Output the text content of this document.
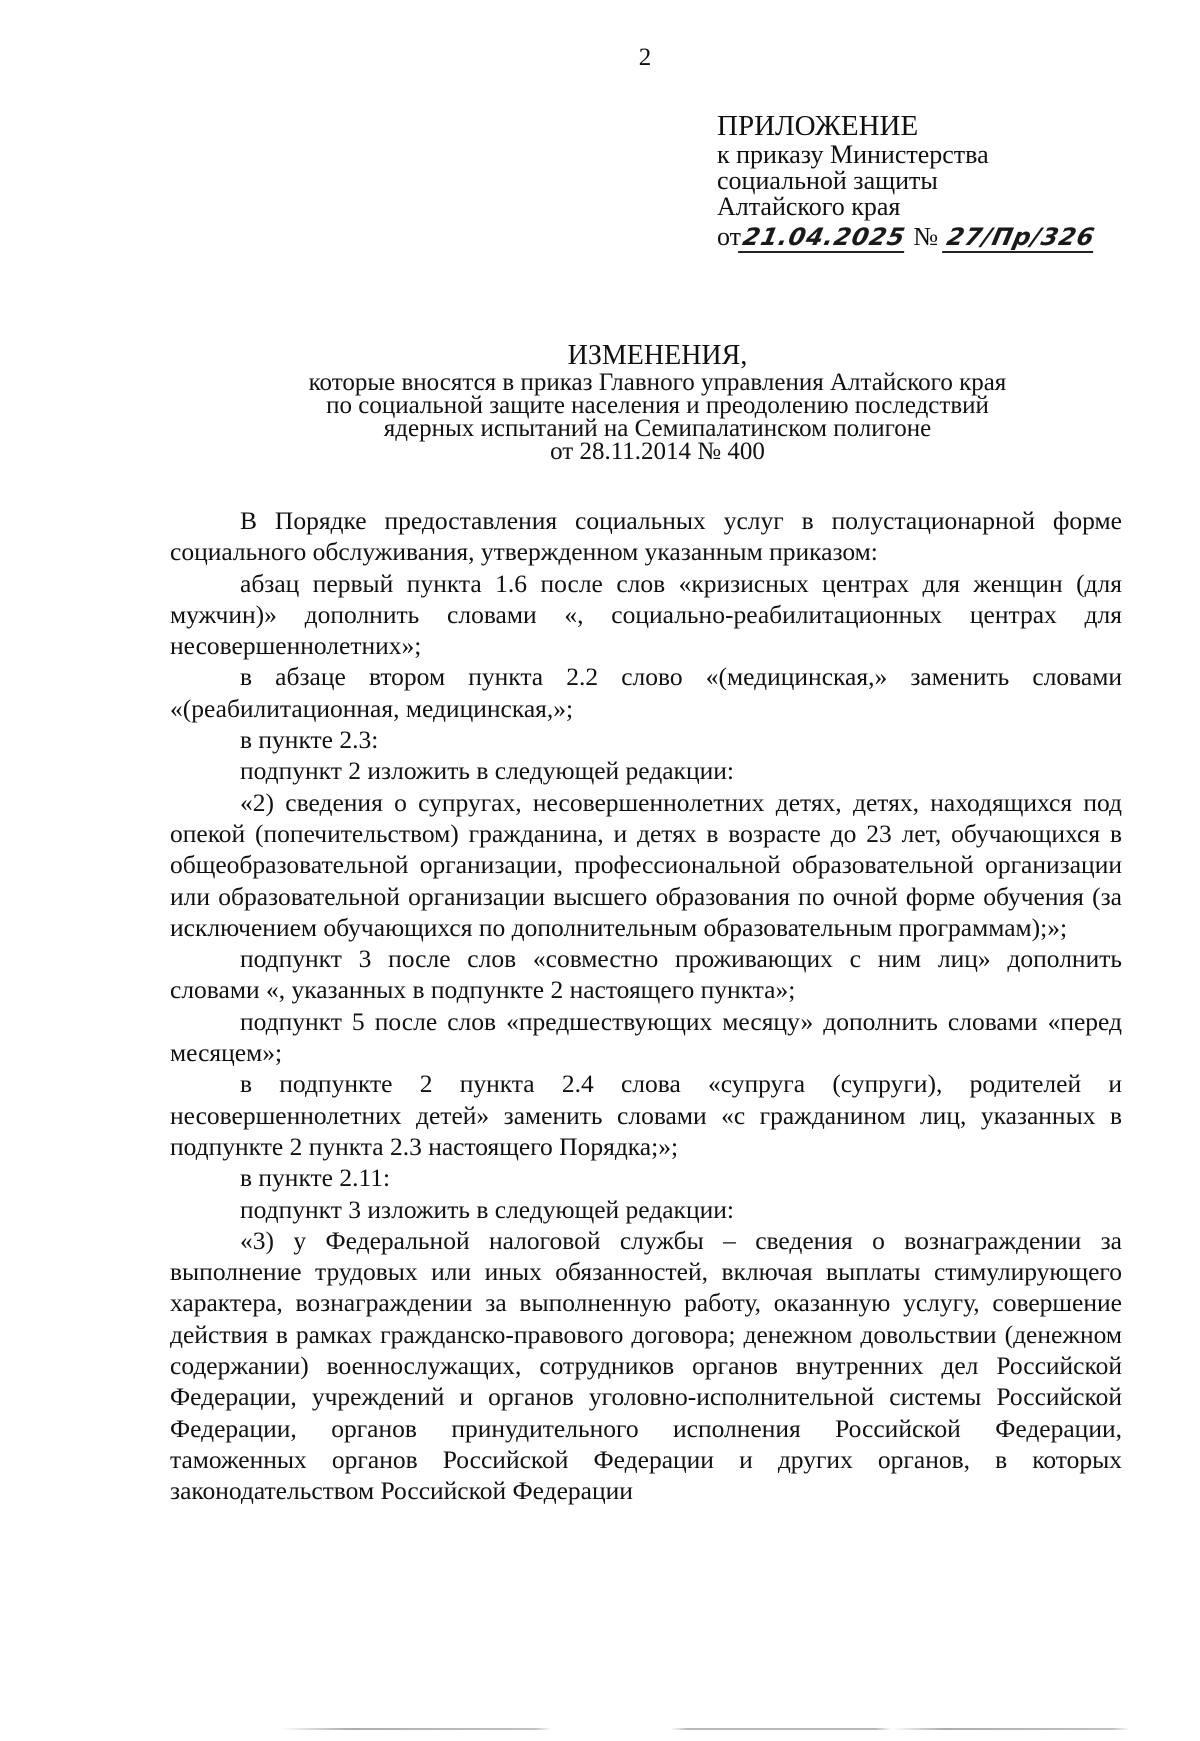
2
ПРИЛОЖЕНИЕ
к приказу Министерства
социальной защиты
Алтайского края
от21.04.2025 № 27/Пр/326
ИЗМЕНЕНИЯ,
которые вносятся в приказ Главного управления Алтайского края
по социальной защите населения и преодолению последствий
ядерных испытаний на Семипалатинском полигоне
от 28.11.2014 № 400

В Порядке предоставления социальных услуг в полустационарной форме социального обслуживания, утвержденном указанным приказом:

абзац первый пункта 1.6 после слов «кризисных центрах для женщин (для мужчин)» дополнить словами «, социально-реабилитационных центрах для несовершеннолетних»;

в абзаце втором пункта 2.2 слово «(медицинская,» заменить словами «(реабилитационная, медицинская,»;

в пункте 2.3:

подпункт 2 изложить в следующей редакции:

«2) сведения о супругах, несовершеннолетних детях, детях, находящихся под опекой (попечительством) гражданина, и детях в возрасте до 23 лет, обучающихся в общеобразовательной организации, профессиональной образовательной организации или образовательной организации высшего образования по очной форме обучения (за исключением обучающихся по дополнительным образовательным программам);»;

подпункт 3 после слов «совместно проживающих с ним лиц» дополнить словами «, указанных в подпункте 2 настоящего пункта»;

подпункт 5 после слов «предшествующих месяцу» дополнить словами «перед месяцем»;

в подпункте 2 пункта 2.4 слова «супруга (супруги), родителей и несовершеннолетних детей» заменить словами «с гражданином лиц, указанных в подпункте 2 пункта 2.3 настоящего Порядка;»;

в пункте 2.11:

подпункт 3 изложить в следующей редакции:

«3) у Федеральной налоговой службы – сведения о вознаграждении за выполнение трудовых или иных обязанностей, включая выплаты стимулирующего характера, вознаграждении за выполненную работу, оказанную услугу, совершение действия в рамках гражданско-правового договора; денежном довольствии (денежном содержании) военнослужащих, сотрудников органов внутренних дел Российской Федерации, учреждений и органов уголовно-исполнительной системы Российской Федерации, органов принудительного исполнения Российской Федерации, таможенных органов Российской Федерации и других органов, в которых законодательством Российской Федерации
